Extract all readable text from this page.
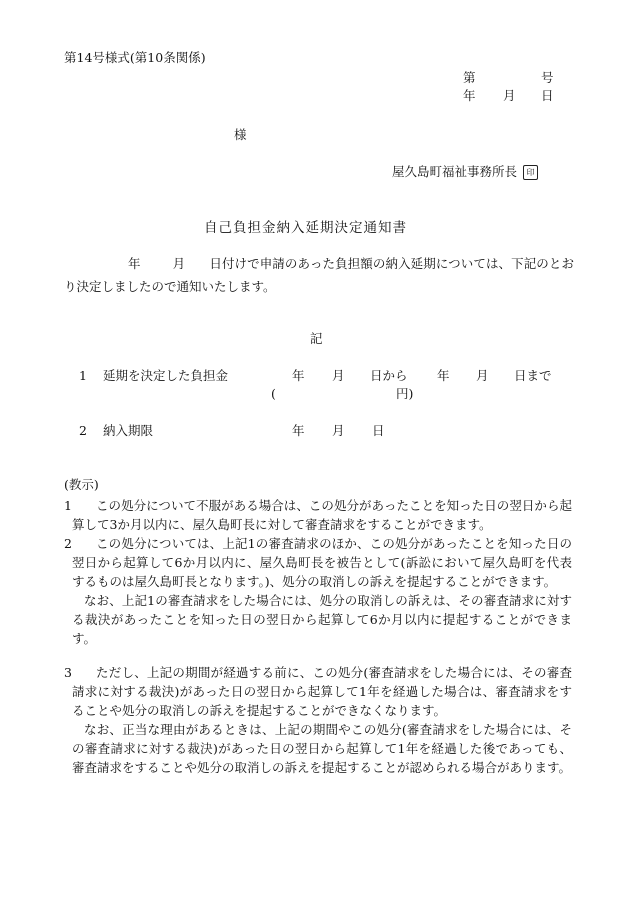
第14号様式(第10条関係)
第	号
年 月 日
様
屋久島町福祉事務所長 印
自己負担金納入延期決定通知書
年	月 日付けで申請のあった負担額の納入延期については、下記のとおり決定しましたので通知いたします。
記
1 延期を決定した負担金	年 月 日から 年 月 日まで
(	円)
2 納入期限	年 月 日
(教示)
1	この処分について不服がある場合は、この処分があったことを知った日の翌日から起算して3か月以内に、屋久島町長に対して審査請求をすることができます。
2	この処分については、上記1の審査請求のほか、この処分があったことを知った日の翌日から起算して6か月以内に、屋久島町長を被告として(訴訟において屋久島町を代表するものは屋久島町長となります。)、処分の取消しの訴えを提起することができます。
なお、上記1の審査請求をした場合には、処分の取消しの訴えは、その審査請求に対する裁決があったことを知った日の翌日から起算して6か月以内に提起することができます。
3	ただし、上記の期間が経過する前に、この処分(審査請求をした場合には、その審査請求に対する裁決)があった日の翌日から起算して1年を経過した場合は、審査請求をすることや処分の取消しの訴えを提起することができなくなります。
なお、正当な理由があるときは、上記の期間やこの処分(審査請求をした場合には、その審査請求に対する裁決)があった日の翌日から起算して1年を経過した後であっても、審査請求をすることや処分の取消しの訴えを提起することが認められる場合があります。
